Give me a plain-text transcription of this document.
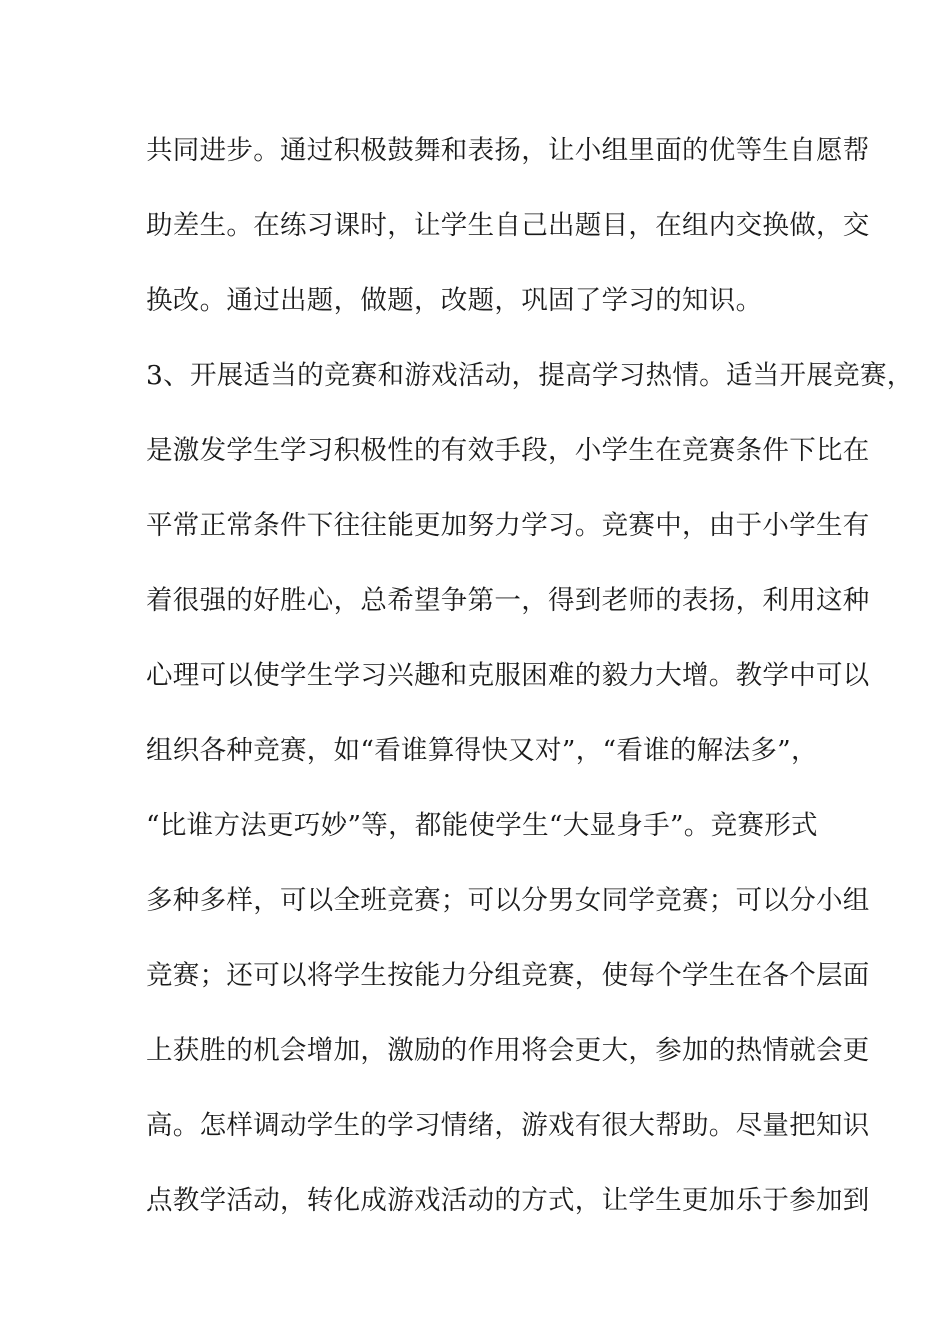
共同进步。通过积极鼓舞和表扬，让小组里面的优等生自愿帮
助差生。在练习课时，让学生自己出题目，在组内交换做，交
换改。通过出题，做题，改题，巩固了学习的知识。
3、开展适当的竞赛和游戏活动，提高学习热情。适当开展竞赛，
是激发学生学习积极性的有效手段，小学生在竞赛条件下比在
平常正常条件下往往能更加努力学习。竞赛中，由于小学生有
着很强的好胜心，总希望争第一，得到老师的表扬，利用这种
心理可以使学生学习兴趣和克服困难的毅力大增。教学中可以
组织各种竞赛，如“看谁算得快又对”，“看谁的解法多”，
“比谁方法更巧妙”等，都能使学生“大显身手”。竞赛形式
多种多样，可以全班竞赛；可以分男女同学竞赛；可以分小组
竞赛；还可以将学生按能力分组竞赛，使每个学生在各个层面
上获胜的机会增加，激励的作用将会更大，参加的热情就会更
高。怎样调动学生的学习情绪，游戏有很大帮助。尽量把知识
点教学活动，转化成游戏活动的方式，让学生更加乐于参加到
